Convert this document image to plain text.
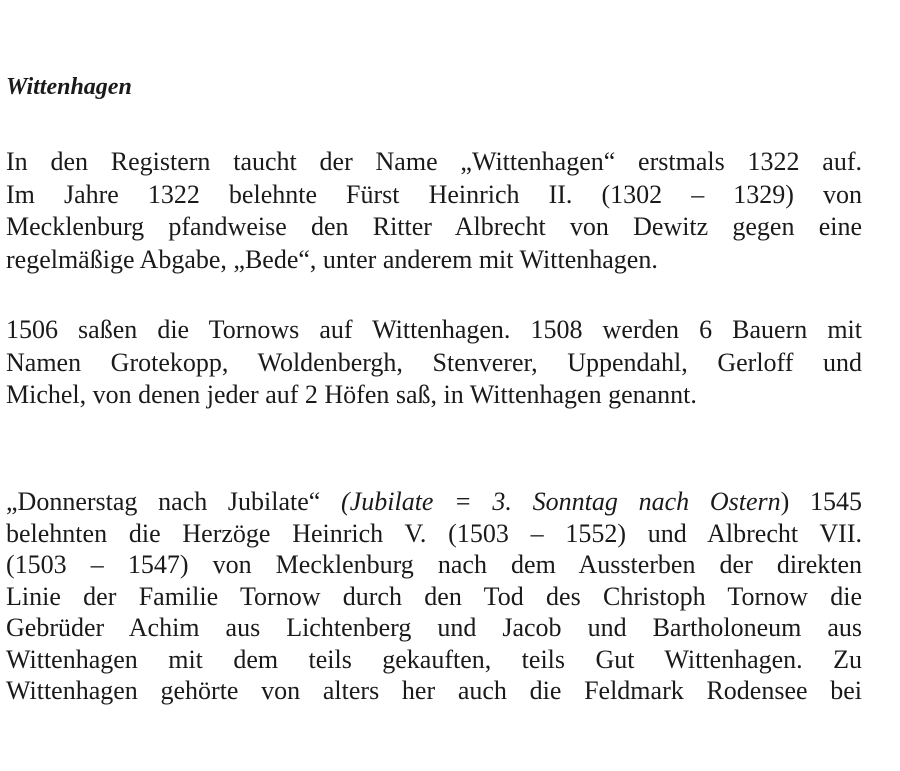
Wittenhagen
In den Registern taucht der Name „Wittenhagen“ erstmals 1322 auf.
Im Jahre 1322 belehnte Fürst Heinrich II. (1302 – 1329) von
Mecklenburg pfandweise den Ritter Albrecht von Dewitz gegen eine
regelmäßige Abgabe, „Bede“, unter anderem mit Wittenhagen.
1506 saßen die Tornows auf Wittenhagen. 1508 werden 6 Bauern mit
Namen Grotekopp, Woldenbergh, Stenverer, Uppendahl, Gerloff und
Michel, von denen jeder auf 2 Höfen saß, in Wittenhagen genannt.
„Donnerstag nach Jubilate“ (Jubilate = 3. Sonntag nach Ostern) 1545
belehnten die Herzöge Heinrich V. (1503 – 1552) und Albrecht VII.
(1503 – 1547) von Mecklenburg nach dem Aussterben der direkten
Linie der Familie Tornow durch den Tod des Christoph Tornow die
Gebrüder Achim aus Lichtenberg und Jacob und Bartholoneum aus
Wittenhagen mit dem teils gekauften, teils Gut Wittenhagen. Zu
Wittenhagen gehörte von alters her auch die Feldmark Rodensee bei
